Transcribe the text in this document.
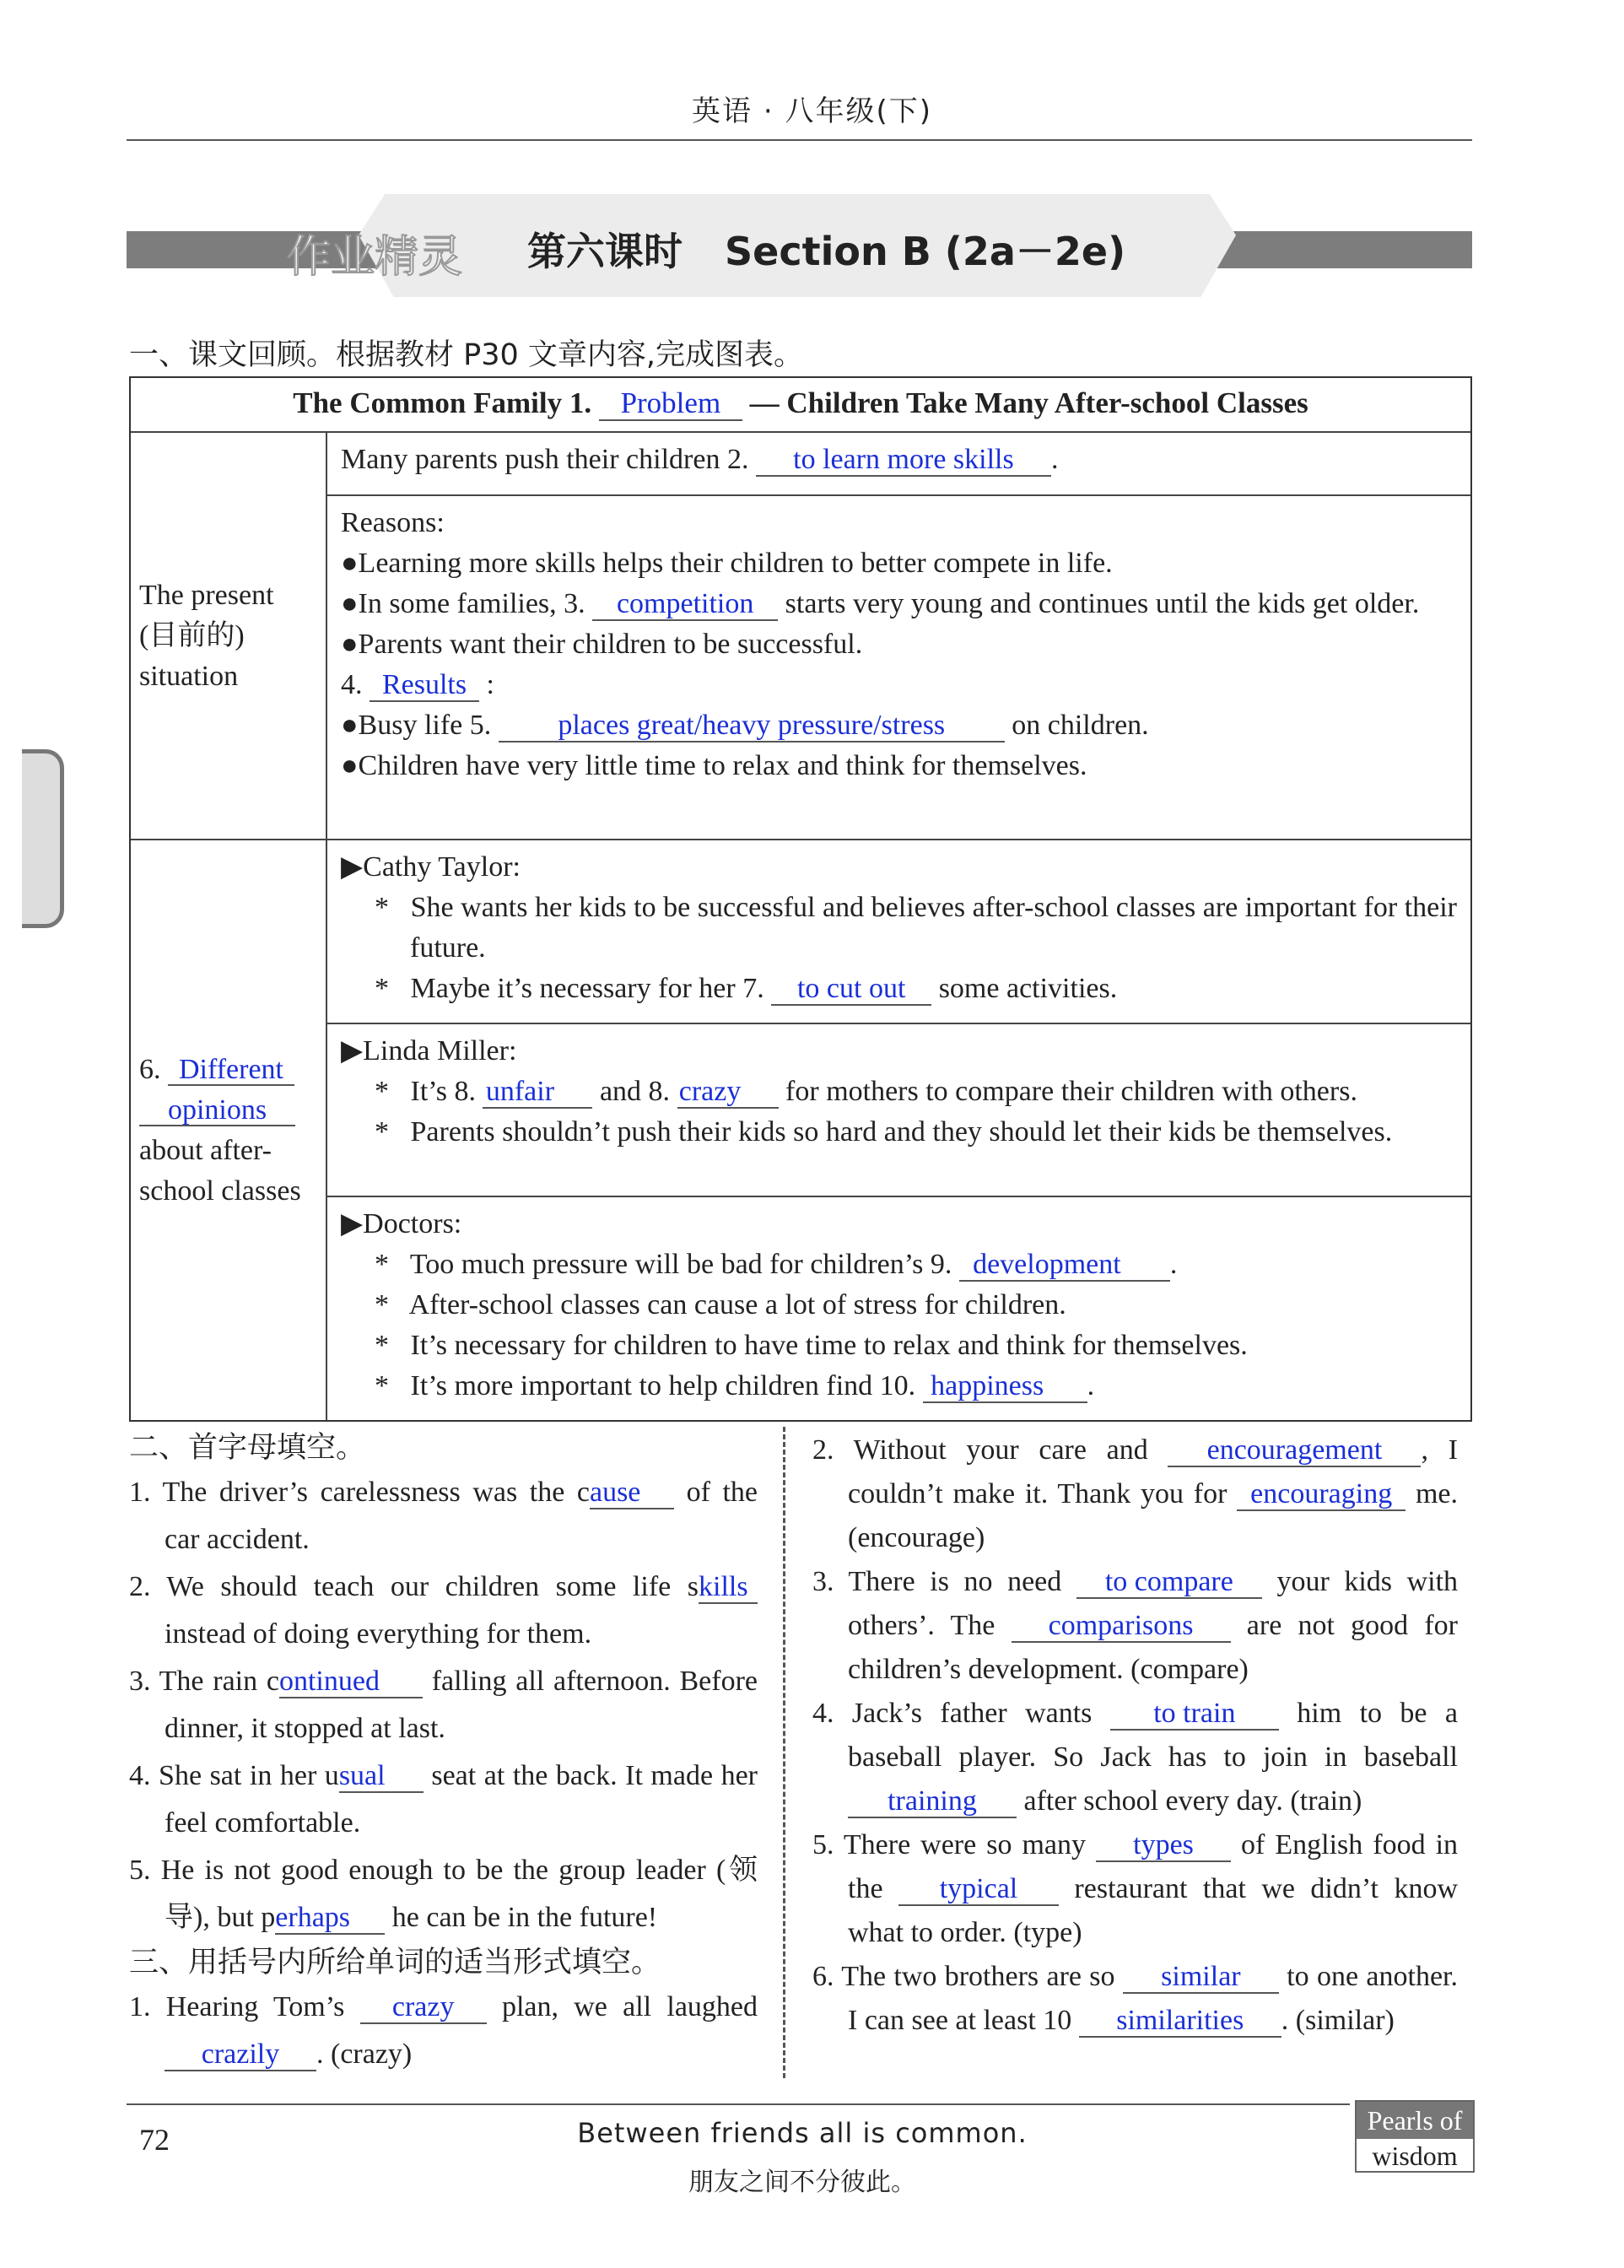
英语 · 八年级(下)
作业精灵 第六课时 Section B (2a－2e)
一、课文回顾。根据教材 P30 文章内容,完成图表。
The Common Family 1. Problem — Children Take Many After-school Classes
The present (目前的) situation
Many parents push their children 2. to learn more skills .
Reasons:
●Learning more skills helps their children to better compete in life.
●In some families, 3. competition starts very young and continues until the kids get older.
●Parents want their children to be successful.
4. Results :
●Busy life 5. places great/heavy pressure/stress on children.
●Children have very little time to relax and think for themselves.
6. Different
opinions
about after-school classes
▶Cathy Taylor:
*   She wants her kids to be successful and believes after-school classes are important for their future.
*   Maybe it’s necessary for her 7. to cut out some activities.
▶Linda Miller:
*   It’s 8. unfair and 8. crazy for mothers to compare their children with others.
*   Parents shouldn’t push their kids so hard and they should let their kids be themselves.
▶Doctors:
*   Too much pressure will be bad for children’s 9. development .
*   After-school classes can cause a lot of stress for children.
*   It’s necessary for children to have time to relax and think for themselves.
*   It’s more important to help children find 10. happiness .
二、首字母填空。
1. The driver’s carelessness was the cause of the car accident.
2. We should teach our children some life skills instead of doing everything for them.
3. The rain continued falling all afternoon. Before dinner, it stopped at last.
4. She sat in her usual seat at the back. It made her feel comfortable.
5. He is not good enough to be the group leader (领导), but perhaps he can be in the future!
三、用括号内所给单词的适当形式填空。
1. Hearing Tom’s crazy plan, we all laughed crazily . (crazy)
2. Without your care and encouragement , I couldn’t make it. Thank you for encouraging me. (encourage)
3. There is no need to compare your kids with others’. The comparisons are not good for children’s development. (compare)
4. Jack’s father wants to train him to be a baseball player. So Jack has to join in baseball training after school every day. (train)
5. There were so many types of English food in the typical restaurant that we didn’t know what to order. (type)
6. The two brothers are so similar to one another. I can see at least 10 similarities . (similar)
72	Between friends all is common.
朋友之间不分彼此。
Pearls of
wisdom
